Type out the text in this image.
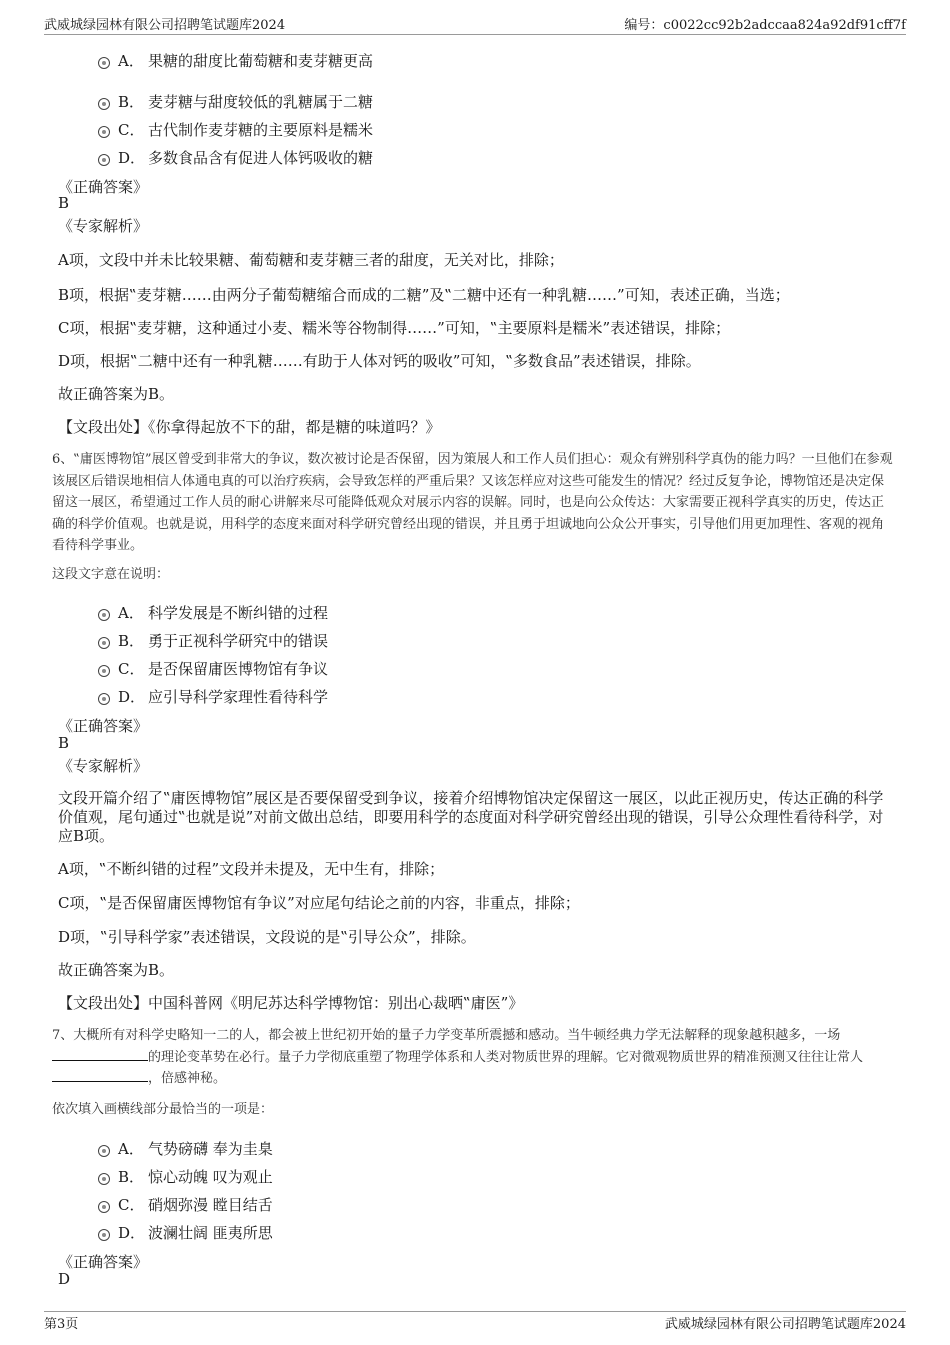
武威城绿园林有限公司招聘笔试题库2024	编号：c0022cc92b2adccaa824a92df91cff7f
A． 果糖的甜度比葡萄糖和麦芽糖更高
B． 麦芽糖与甜度较低的乳糖属于二糖
C． 古代制作麦芽糖的主要原料是糯米
D． 多数食品含有促进人体钙吸收的糖
《正确答案》
B
《专家解析》
A项，文段中并未比较果糖、葡萄糖和麦芽糖三者的甜度，无关对比，排除；
B项，根据‟麦芽糖……由两分子葡萄糖缩合而成的二糖”及‟二糖中还有一种乳糖……”可知，表述正确，当选；
C项，根据‟麦芽糖，这种通过小麦、糯米等谷物制得……”可知，‟主要原料是糯米”表述错误，排除；
D项，根据‟二糖中还有一种乳糖……有助于人体对钙的吸收”可知，‟多数食品”表述错误，排除。
故正确答案为B。
【文段出处】《你拿得起放不下的甜，都是糖的味道吗？》
6、‟庸医博物馆”展区曾受到非常大的争议，数次被讨论是否保留，因为策展人和工作人员们担心：观众有辨别科学真伪的能力吗？一旦他们在参观该展区后错误地相信人体通电真的可以治疗疾病，会导致怎样的严重后果？又该怎样应对这些可能发生的情况？经过反复争论，博物馆还是决定保留这一展区，希望通过工作人员的耐心讲解来尽可能降低观众对展示内容的误解。同时，也是向公众传达：大家需要正视科学真实的历史，传达正确的科学价值观。也就是说，用科学的态度来面对科学研究曾经出现的错误，并且勇于坦诚地向公众公开事实，引导他们用更加理性、客观的视角看待科学事业。
这段文字意在说明：
A． 科学发展是不断纠错的过程
B． 勇于正视科学研究中的错误
C． 是否保留庸医博物馆有争议
D． 应引导科学家理性看待科学
《正确答案》
B
《专家解析》
文段开篇介绍了‟庸医博物馆”展区是否要保留受到争议，接着介绍博物馆决定保留这一展区，以此正视历史，传达正确的科学价值观，尾句通过‟也就是说”对前文做出总结，即要用科学的态度面对科学研究曾经出现的错误，引导公众理性看待科学，对应B项。
A项，‟不断纠错的过程”文段并未提及，无中生有，排除；
C项，‟是否保留庸医博物馆有争议”对应尾句结论之前的内容，非重点，排除；
D项，‟引导科学家”表述错误，文段说的是‟引导公众”，排除。
故正确答案为B。
【文段出处】中国科普网《明尼苏达科学博物馆：别出心裁晒‟庸医”》
7、大概所有对科学史略知一二的人，都会被上世纪初开始的量子力学变革所震撼和感动。当牛顿经典力学无法解释的现象越积越多，一场
的理论变革势在必行。量子力学彻底重塑了物理学体系和人类对物质世界的理解。它对微观物质世界的精准预测又往往让常人
，倍感神秘。
依次填入画横线部分最恰当的一项是：
A． 气势磅礴 奉为圭臬
B． 惊心动魄 叹为观止
C． 硝烟弥漫 瞠目结舌
D． 波澜壮阔 匪夷所思
《正确答案》
D
第3页	武威城绿园林有限公司招聘笔试题库2024
